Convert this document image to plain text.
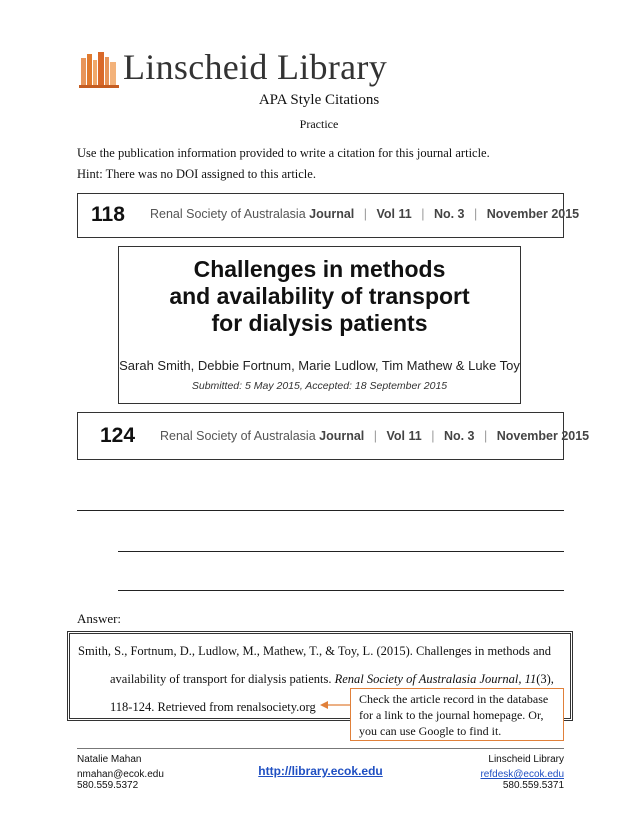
Linscheid Library
APA Style Citations
Practice
Use the publication information provided to write a citation for this journal article.
Hint: There was no DOI assigned to this article.
118 Renal Society of Australasia Journal | Vol 11 | No. 3 | November 2015
Challenges in methods
and availability of transport
for dialysis patients
Sarah Smith, Debbie Fortnum, Marie Ludlow, Tim Mathew & Luke Toy
Submitted: 5 May 2015, Accepted: 18 September 2015
124 Renal Society of Australasia Journal | Vol 11 | No. 3 | November 2015
Answer:
Smith, S., Fortnum, D., Ludlow, M., Mathew, T., & Toy, L. (2015). Challenges in methods and
availability of transport for dialysis patients. Renal Society of Australasia Journal, 11(3),
118-124. Retrieved from renalsociety.org
Check the article record in the database for a link to the journal homepage. Or, you can use Google to find it.
Natalie Mahan
nmahan@ecok.edu
580.559.5372
http://library.ecok.edu
Linscheid Library
refdesk@ecok.edu
580.559.5371
